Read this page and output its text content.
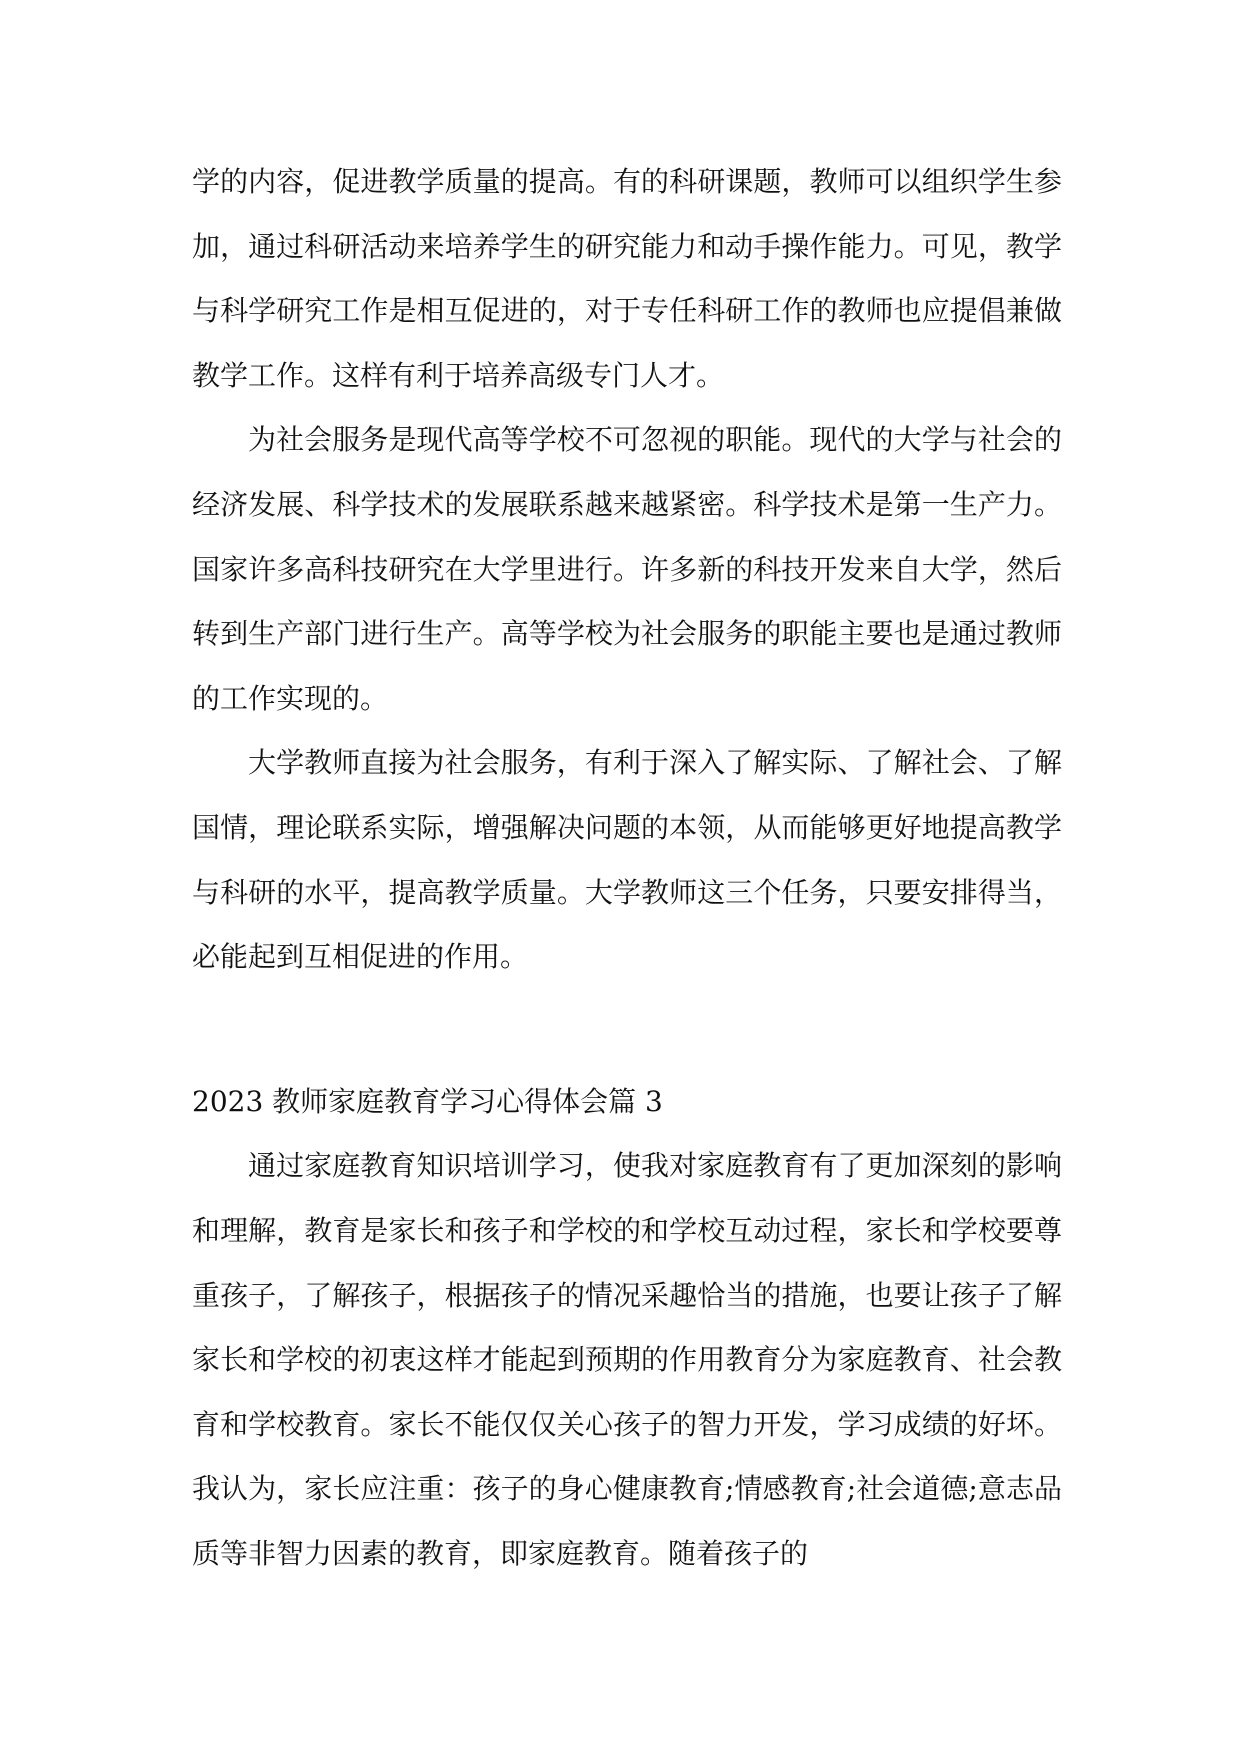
学的内容，促进教学质量的提高。有的科研课题，教师可以组织学生参加，通过科研活动来培养学生的研究能力和动手操作能力。可见，教学与科学研究工作是相互促进的，对于专任科研工作的教师也应提倡兼做教学工作。这样有利于培养高级专门人才。

为社会服务是现代高等学校不可忽视的职能。现代的大学与社会的经济发展、科学技术的发展联系越来越紧密。科学技术是第一生产力。国家许多高科技研究在大学里进行。许多新的科技开发来自大学，然后转到生产部门进行生产。高等学校为社会服务的职能主要也是通过教师的工作实现的。

大学教师直接为社会服务，有利于深入了解实际、了解社会、了解国情，理论联系实际，增强解决问题的本领，从而能够更好地提高教学与科研的水平，提高教学质量。大学教师这三个任务，只要安排得当，必能起到互相促进的作用。

2023 教师家庭教育学习心得体会篇 3

通过家庭教育知识培训学习，使我对家庭教育有了更加深刻的影响和理解，教育是家长和孩子和学校的和学校互动过程，家长和学校要尊重孩子，了解孩子，根据孩子的情况采趣恰当的措施，也要让孩子了解家长和学校的初衷这样才能起到预期的作用教育分为家庭教育、社会教育和学校教育。家长不能仅仅关心孩子的智力开发，学习成绩的好坏。我认为，家长应注重：孩子的身心健康教育;情感教育;社会道德;意志品质等非智力因素的教育，即家庭教育。随着孩子的
